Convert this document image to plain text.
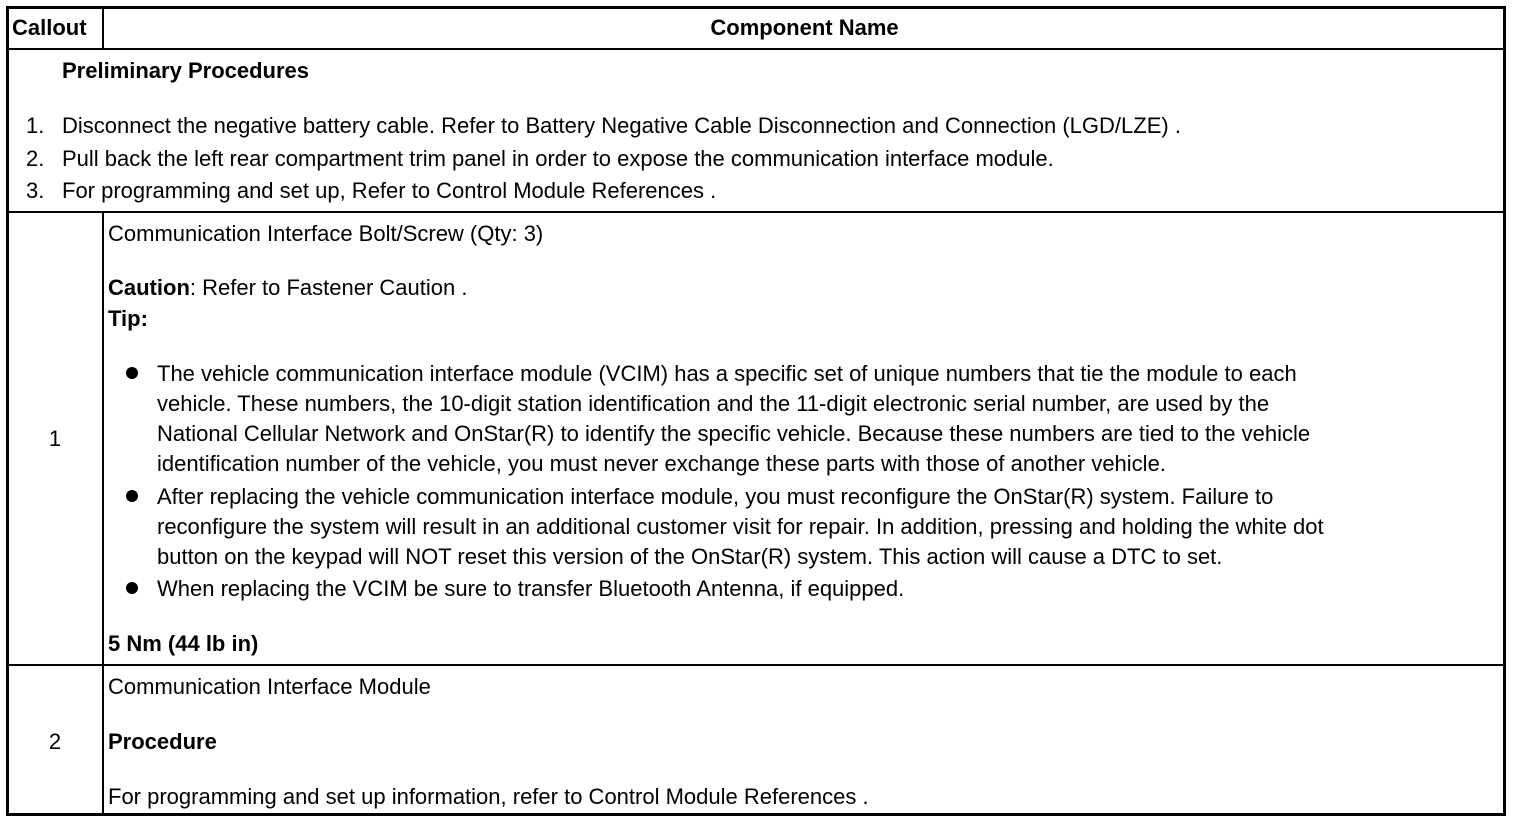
Callout	Component Name
Preliminary Procedures
1. Disconnect the negative battery cable. Refer to Battery Negative Cable Disconnection and Connection (LGD/LZE) .
2. Pull back the left rear compartment trim panel in order to expose the communication interface module.
3. For programming and set up, Refer to Control Module References .
1
Communication Interface Bolt/Screw (Qty: 3)
Caution: Refer to Fastener Caution .
Tip:
The vehicle communication interface module (VCIM) has a specific set of unique numbers that tie the module to each
vehicle. These numbers, the 10-digit station identification and the 11-digit electronic serial number, are used by the
National Cellular Network and OnStar(R) to identify the specific vehicle. Because these numbers are tied to the vehicle
identification number of the vehicle, you must never exchange these parts with those of another vehicle.
After replacing the vehicle communication interface module, you must reconfigure the OnStar(R) system. Failure to
reconfigure the system will result in an additional customer visit for repair. In addition, pressing and holding the white dot
button on the keypad will NOT reset this version of the OnStar(R) system. This action will cause a DTC to set.
When replacing the VCIM be sure to transfer Bluetooth Antenna, if equipped.
5 Nm (44 lb in)
2
Communication Interface Module
Procedure
For programming and set up information, refer to Control Module References .
